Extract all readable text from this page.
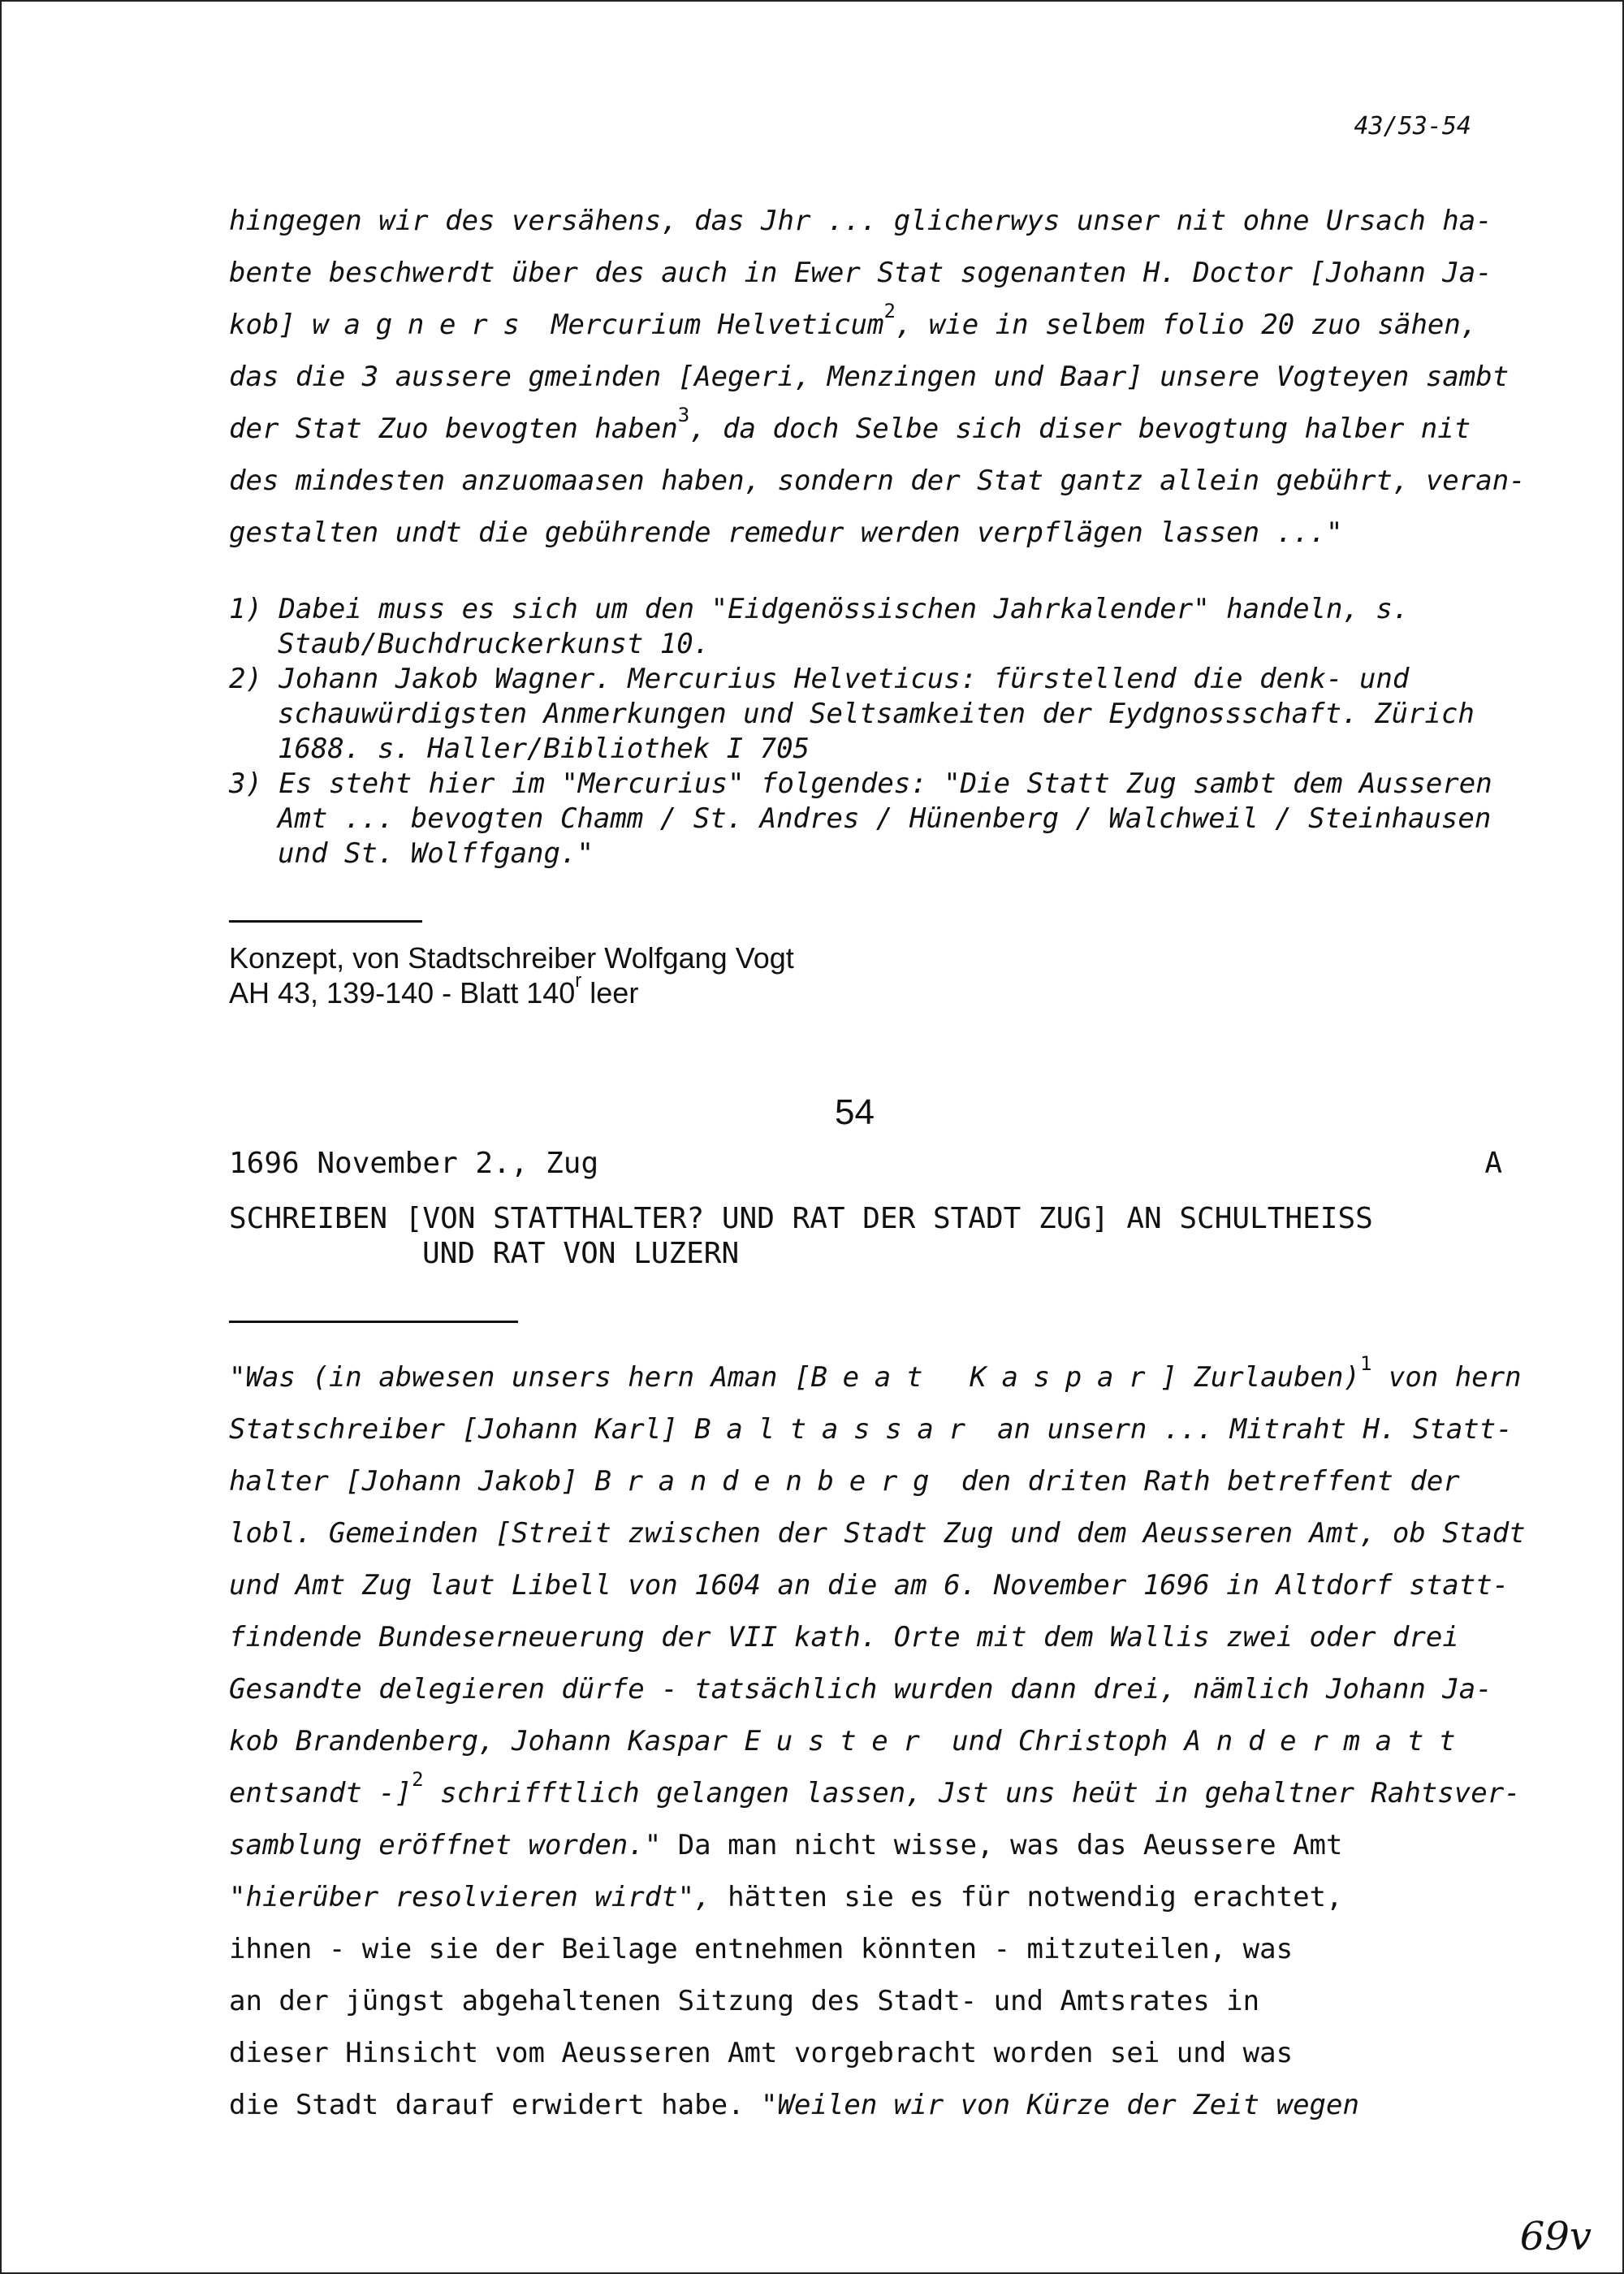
43/53-54
hingegen wir des versähens, das Jhr ... glicherwys unser nit ohne Ursach ha-
bente beschwerdt über des auch in Ewer Stat sogenanten H. Doctor [Johann Ja-
kob] wagners Mercurium Helveticum$^2$, wie in selbem folio 20 zuo sähen,
das die 3 aussere gmeinden [Aegeri, Menzingen und Baar] unsere Vogteyen sambt
der Stat Zuo bevogten haben$^3$, da doch Selbe sich diser bevogtung halber nit
des mindesten anzuomaasen haben, sondern der Stat gantz allein gebührt, veran-
gestalten undt die gebührende remedur werden verpflägen lassen ..."
1) Dabei muss es sich um den "Eidgenössischen Jahrkalender" handeln, s.
Staub/Buchdruckerkunst 10.
2) Johann Jakob Wagner. Mercurius Helveticus: fürstellend die denk- und
schauwürdigsten Anmerkungen und Seltsamkeiten der Eydgnossschaft. Zürich
1688. s. Haller/Bibliothek I 705
3) Es steht hier im "Mercurius" folgendes: "Die Statt Zug sambt dem Ausseren
Amt ... bevogten Chamm / St. Andres / Hünenberg / Walchweil / Steinhausen
und St. Wolffgang."
Konzept, von Stadtschreiber Wolfgang Vogt
AH 43, 139-140 - Blatt 140$^r$ leer
54
1696 November 2., Zug	A
SCHREIBEN [VON STATTHALTER? UND RAT DER STADT ZUG] AN SCHULTHEISS
UND RAT VON LUZERN
"Was (in abwesen unsers hern Aman [Beat Kaspar] Zurlauben)$^1$ von hern
Statschreiber [Johann Karl] Baltassar an unsern ... Mitraht H. Statt-
halter [Johann Jakob] Brandenberg den driten Rath betreffent der
lobl. Gemeinden [Streit zwischen der Stadt Zug und dem Aeusseren Amt, ob Stadt
und Amt Zug laut Libell von 1604 an die am 6. November 1696 in Altdorf statt-
findende Bundeserneuerung der VII kath. Orte mit dem Wallis zwei oder drei
Gesandte delegieren dürfe - tatsächlich wurden dann drei, nämlich Johann Ja-
kob Brandenberg, Johann Kaspar Euster und Christoph Andermatt
entsandt -]$^2$ schrifftlich gelangen lassen, Jst uns heüt in gehaltner Rahtsver-
samblung eröffnet worden." Da man nicht wisse, was das Aeussere Amt
"hierüber resolvieren wirdt", hätten sie es für notwendig erachtet,
ihnen - wie sie der Beilage entnehmen könnten - mitzuteilen, was
an der jüngst abgehaltenen Sitzung des Stadt- und Amtsrates in
dieser Hinsicht vom Aeusseren Amt vorgebracht worden sei und was
die Stadt darauf erwidert habe. "Weilen wir von Kürze der Zeit wegen
69v
